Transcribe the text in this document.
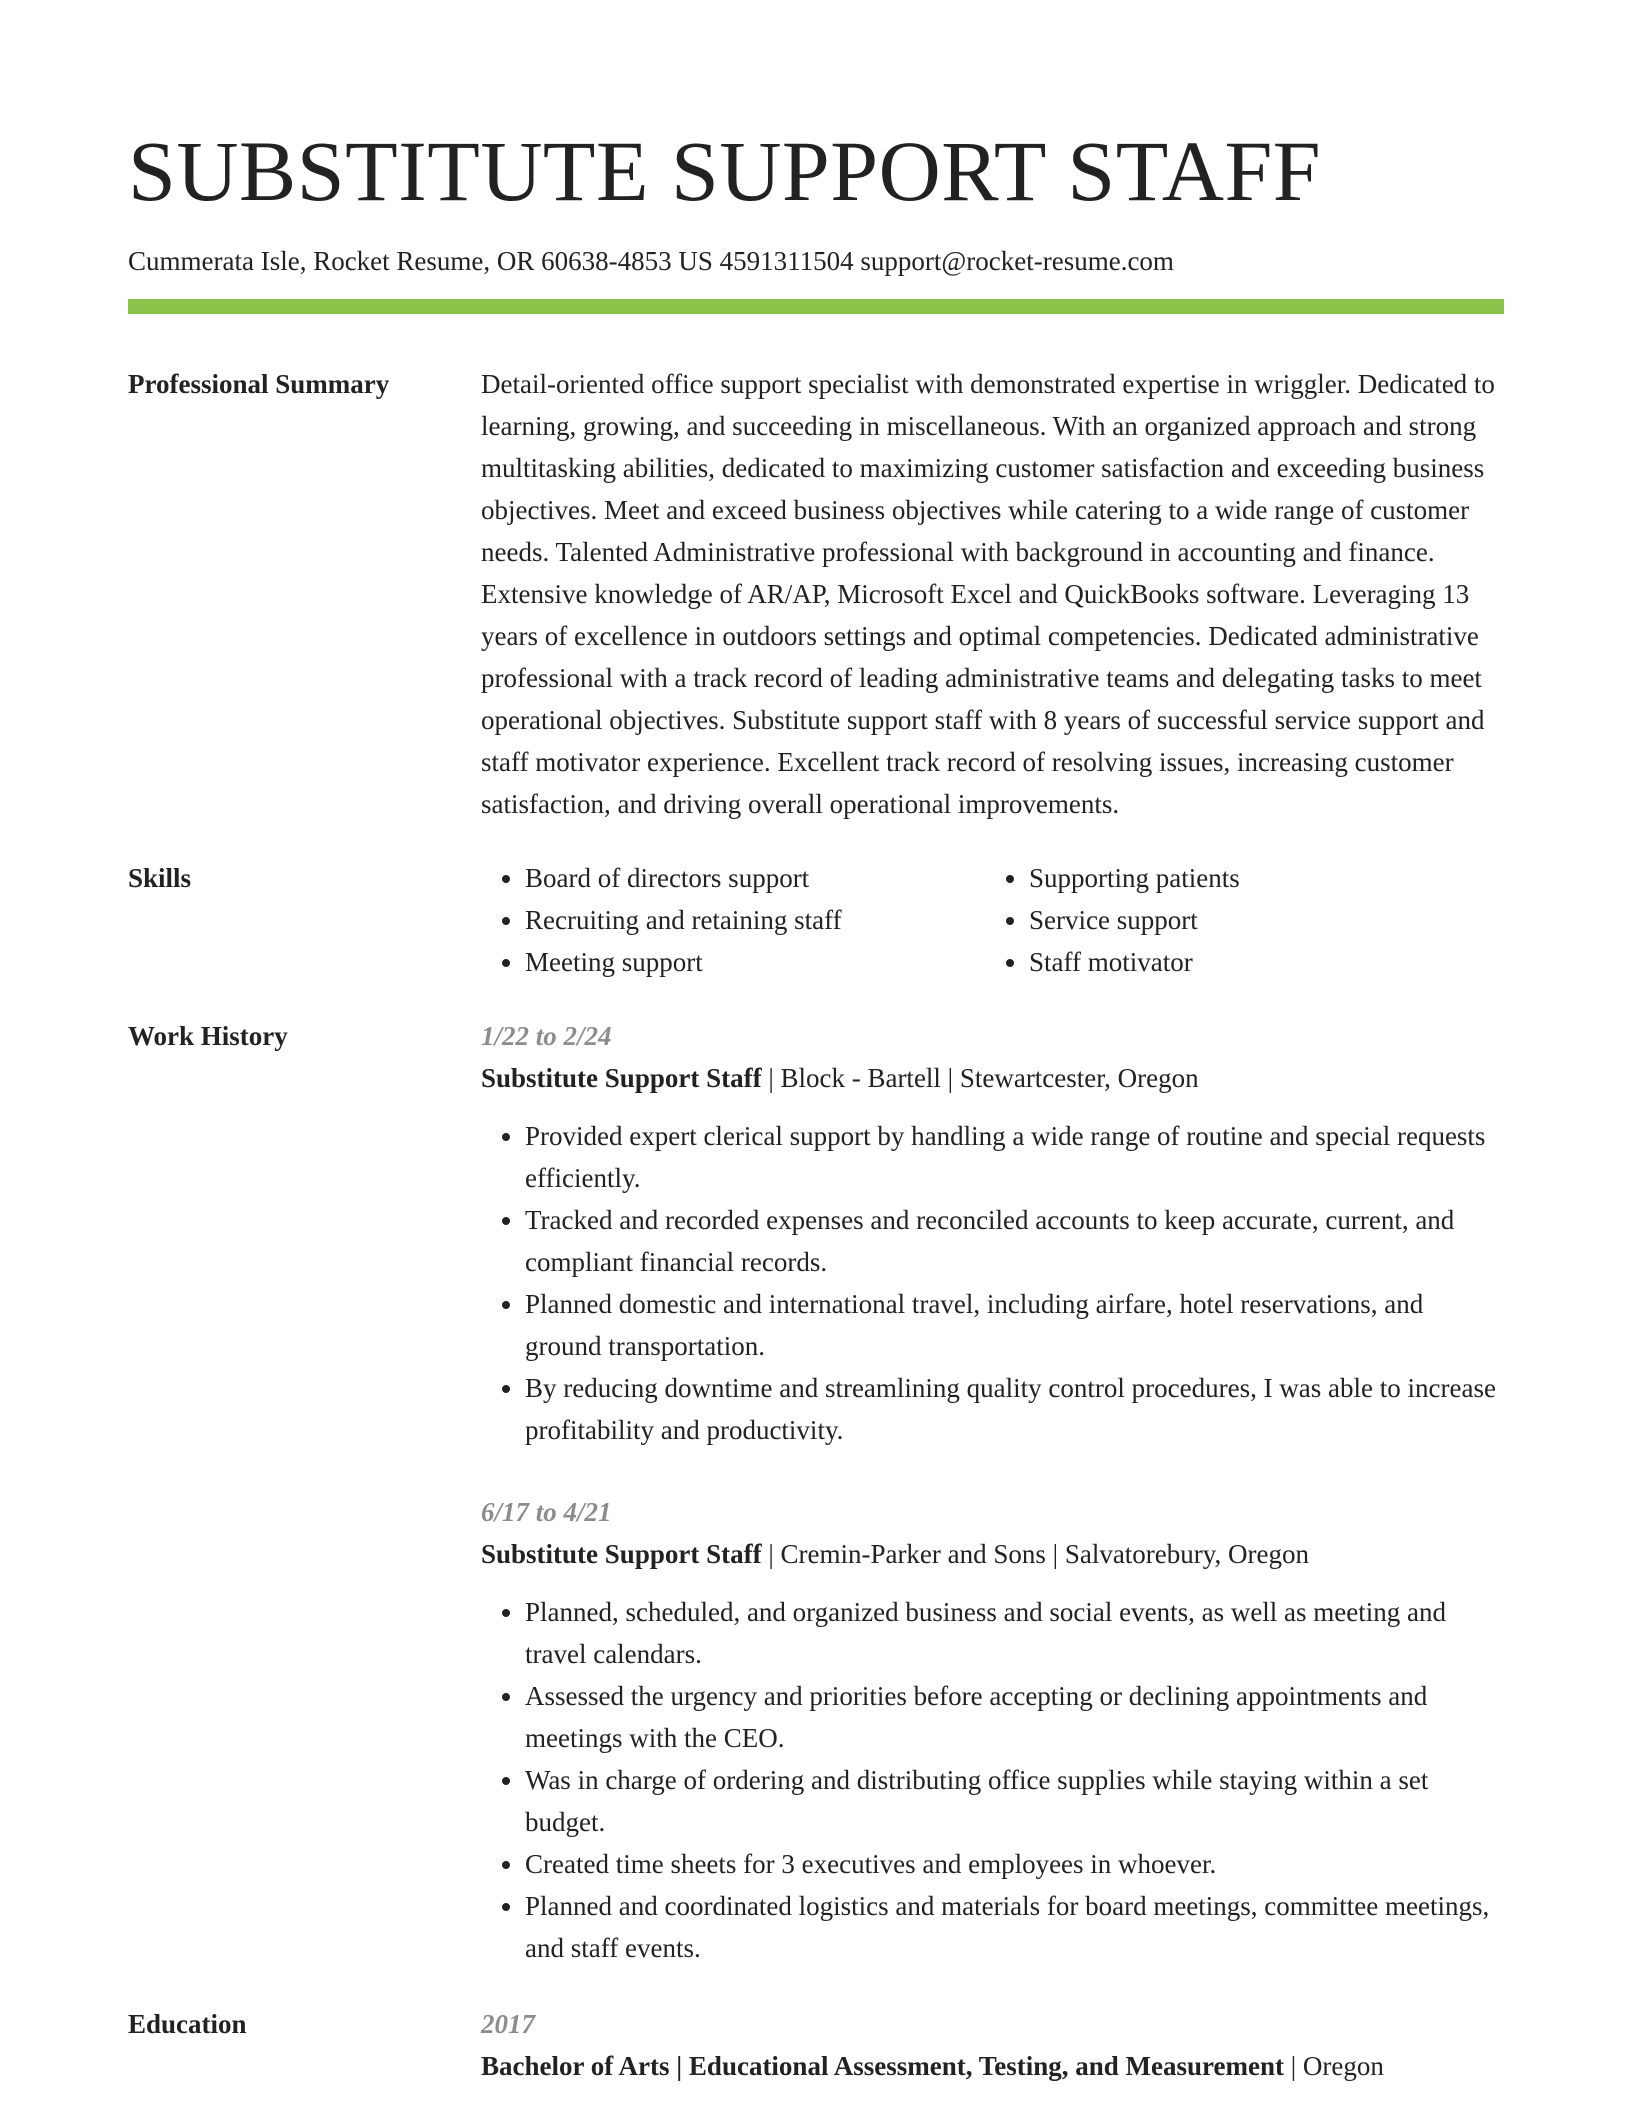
SUBSTITUTE SUPPORT STAFF
Cummerata Isle, Rocket Resume, OR 60638-4853 US 4591311504 support@rocket-resume.com
Professional Summary	Detail-oriented office support specialist with demonstrated expertise in wriggler. Dedicated to learning, growing, and succeeding in miscellaneous. With an organized approach and strong multitasking abilities, dedicated to maximizing customer satisfaction and exceeding business objectives. Meet and exceed business objectives while catering to a wide range of customer needs. Talented Administrative professional with background in accounting and finance. Extensive knowledge of AR/AP, Microsoft Excel and QuickBooks software. Leveraging 13 years of excellence in outdoors settings and optimal competencies. Dedicated administrative professional with a track record of leading administrative teams and delegating tasks to meet operational objectives. Substitute support staff with 8 years of successful service support and staff motivator experience. Excellent track record of resolving issues, increasing customer satisfaction, and driving overall operational improvements.

Skills
•	Board of directors support
• Recruiting and retaining staff
• Meeting support
• Supporting patients
• Service support
• Staff motivator
Work History	1/22 to 2/24
Substitute Support Staff | Block - Bartell | Stewartcester, Oregon
• Provided expert clerical support by handling a wide range of routine and special requests efficiently.
• Tracked and recorded expenses and reconciled accounts to keep accurate, current, and compliant financial records.
• Planned domestic and international travel, including airfare, hotel reservations, and ground transportation.
• By reducing downtime and streamlining quality control procedures, I was able to increase profitability and productivity.
6/17 to 4/21
Substitute Support Staff | Cremin-Parker and Sons | Salvatorebury, Oregon
• Planned, scheduled, and organized business and social events, as well as meeting and travel calendars.
• Assessed the urgency and priorities before accepting or declining appointments and meetings with the CEO.
• Was in charge of ordering and distributing office supplies while staying within a set budget.
• Created time sheets for 3 executives and employees in whoever.
• Planned and coordinated logistics and materials for board meetings, committee meetings, and staff events.
Education	2017
Bachelor of Arts | Educational Assessment, Testing, and Measurement | Oregon
